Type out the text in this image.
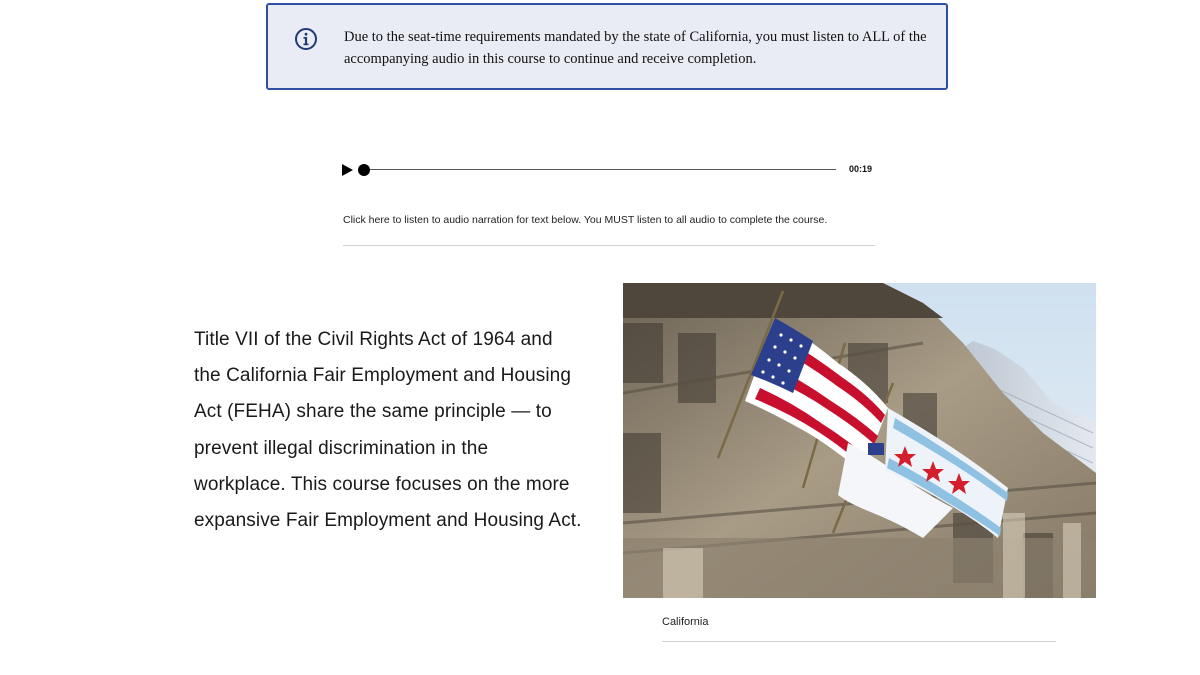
Due to the seat-time requirements mandated by the state of California, you must listen to ALL of the accompanying audio in this course to continue and receive completion.
00:19
Click here to listen to audio narration for text below. You MUST listen to all audio to complete the course.
Title VII of the Civil Rights Act of 1964 and the California Fair Employment and Housing Act (FEHA) share the same principle — to prevent illegal discrimination in the workplace. This course focuses on the more expansive Fair Employment and Housing Act.
California
